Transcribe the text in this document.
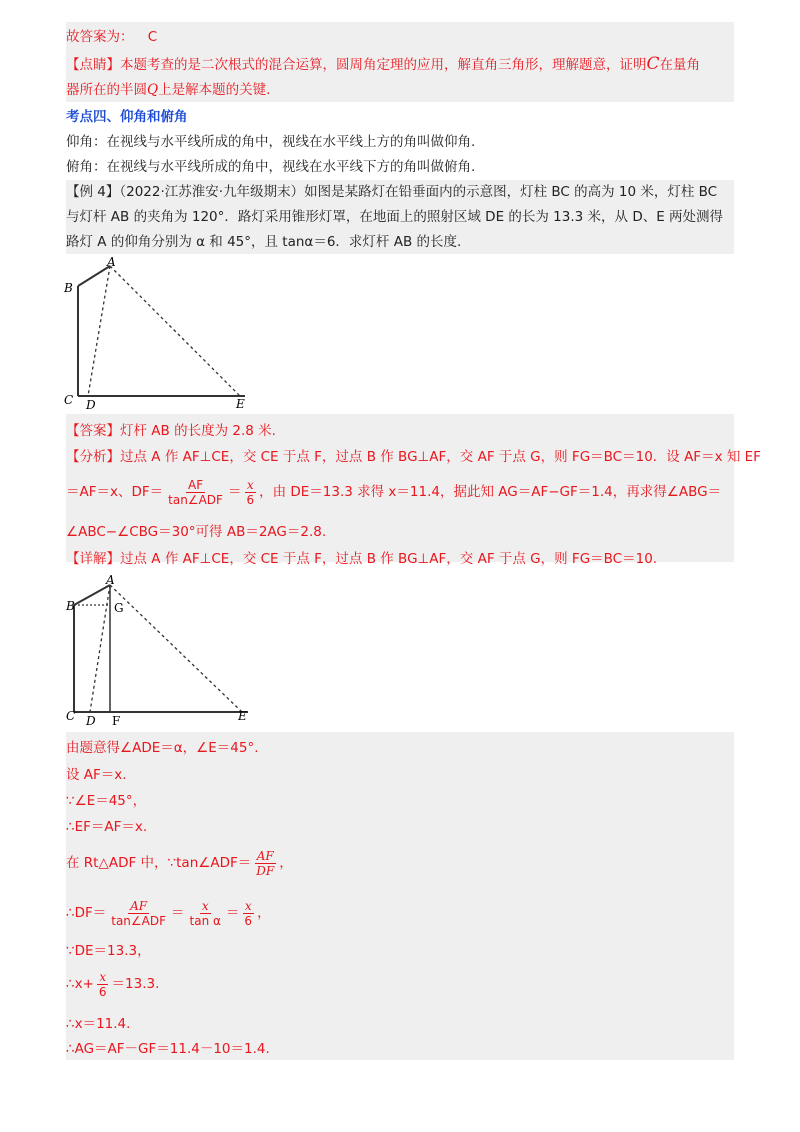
故答案为： C
【点睛】本题考查的是二次根式的混合运算，圆周角定理的应用，解直角三角形，理解题意，证明C在量角
器所在的半圆Q上是解本题的关键.
考点四、仰角和俯角
仰角：在视线与水平线所成的角中，视线在水平线上方的角叫做仰角.
俯角：在视线与水平线所成的角中，视线在水平线下方的角叫做俯角.
【例 4】（2022·江苏淮安·九年级期末）如图是某路灯在铅垂面内的示意图，灯柱 BC 的高为 10 米，灯柱 BC
与灯杆 AB 的夹角为 120°．路灯采用锥形灯罩，在地面上的照射区域 DE 的长为 13.3 米，从 D、E 两处测得
路灯 A 的仰角分别为 α 和 45°，且 tanα＝6．求灯杆 AB 的长度.
A
B
C D	E
【答案】灯杆 AB 的长度为 2.8 米.
【分析】过点 A 作 AF⊥CE，交 CE 于点 F，过点 B 作 BG⊥AF，交 AF 于点 G，则 FG＝BC＝10．设 AF＝x 知 EF
＝AF＝x、$DF= \frac{AF}{\text{tan∠ADF}} = \frac{x}{6}$ ，由 DE＝13.3 求得 x＝11.4，据此知 AG＝AF−GF＝1.4，再求得∠ABG＝
∠ABC−∠CBG＝30°可得 AB＝2AG＝2.8.
【详解】过点 A 作 AF⊥CE，交 CE 于点 F，过点 B 作 BG⊥AF，交 AF 于点 G，则 FG＝BC＝10.
A
B	G
C D F	E
由题意得∠ADE＝α，∠E＝45°.
设 AF＝x.
∵∠E＝45°，
∴EF＝AF＝x.
在 Rt△ADF 中，∵tan∠ADF＝ $\frac{AF}{DF}$ ，
∴DF＝ $\frac{AF}{\text{tan∠ADF}} = \frac{x}{\text{tan α}} = \frac{x}{6}$ ，
∵DE＝13.3，
∴x+ $\frac{x}{6} =13.3$.
∴x＝11.4.
∴AG＝AF－GF＝11.4－10＝1.4.
